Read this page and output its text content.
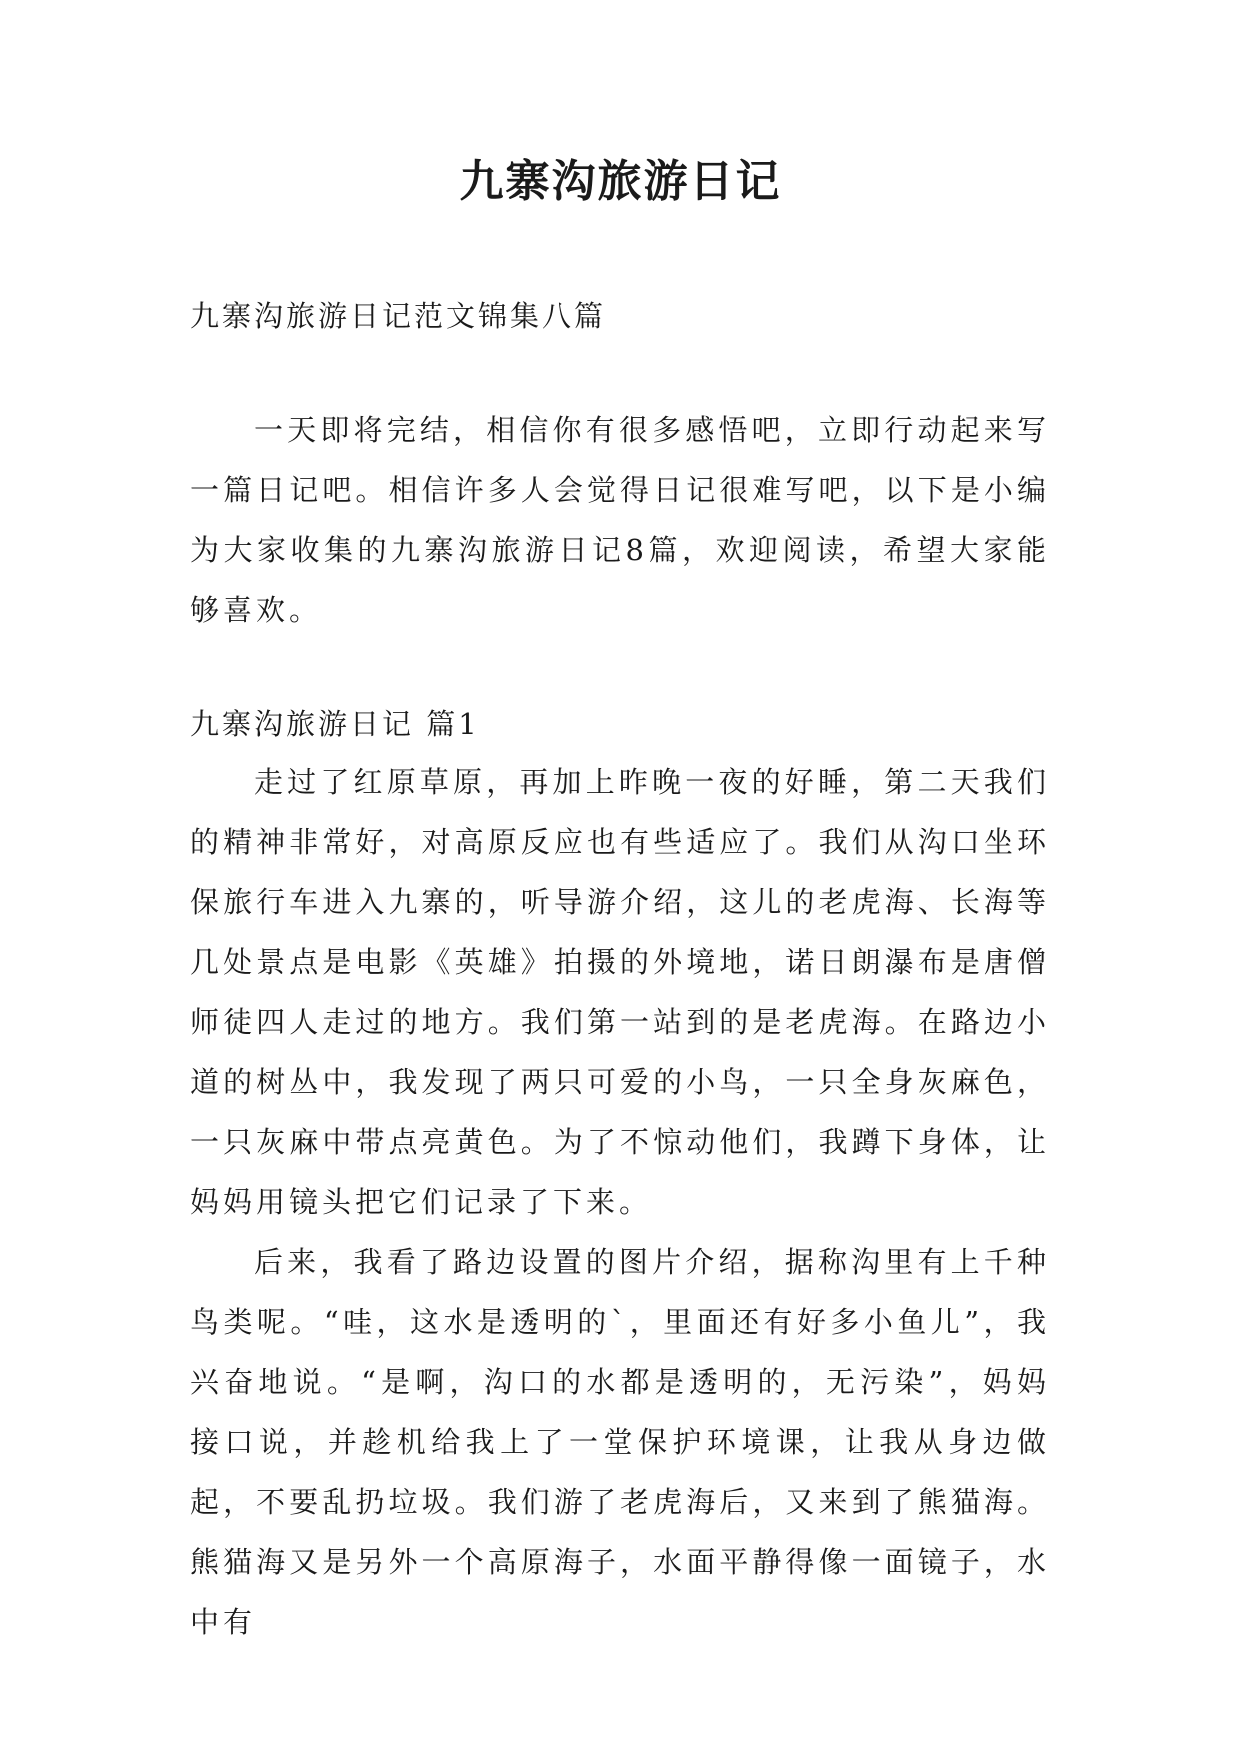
九寨沟旅游日记
九寨沟旅游日记范文锦集八篇

一天即将完结，相信你有很多感悟吧，立即行动起来写一篇日记吧。相信许多人会觉得日记很难写吧，以下是小编为大家收集的九寨沟旅游日记8篇，欢迎阅读，希望大家能够喜欢。

九寨沟旅游日记 篇1

走过了红原草原，再加上昨晚一夜的好睡，第二天我们的精神非常好，对高原反应也有些适应了。我们从沟口坐环保旅行车进入九寨的，听导游介绍，这儿的老虎海、长海等几处景点是电影《英雄》拍摄的外境地，诺日朗瀑布是唐僧师徒四人走过的地方。我们第一站到的是老虎海。在路边小道的树丛中，我发现了两只可爱的小鸟，一只全身灰麻色，一只灰麻中带点亮黄色。为了不惊动他们，我蹲下身体，让妈妈用镜头把它们记录了下来。

后来，我看了路边设置的图片介绍，据称沟里有上千种鸟类呢。“哇，这水是透明的`，里面还有好多小鱼儿”，我兴奋地说。“是啊，沟口的水都是透明的，无污染”，妈妈接口说，并趁机给我上了一堂保护环境课，让我从身边做起，不要乱扔垃圾。我们游了老虎海后，又来到了熊猫海。熊猫海又是另外一个高原海子，水面平静得像一面镜子，水中有
